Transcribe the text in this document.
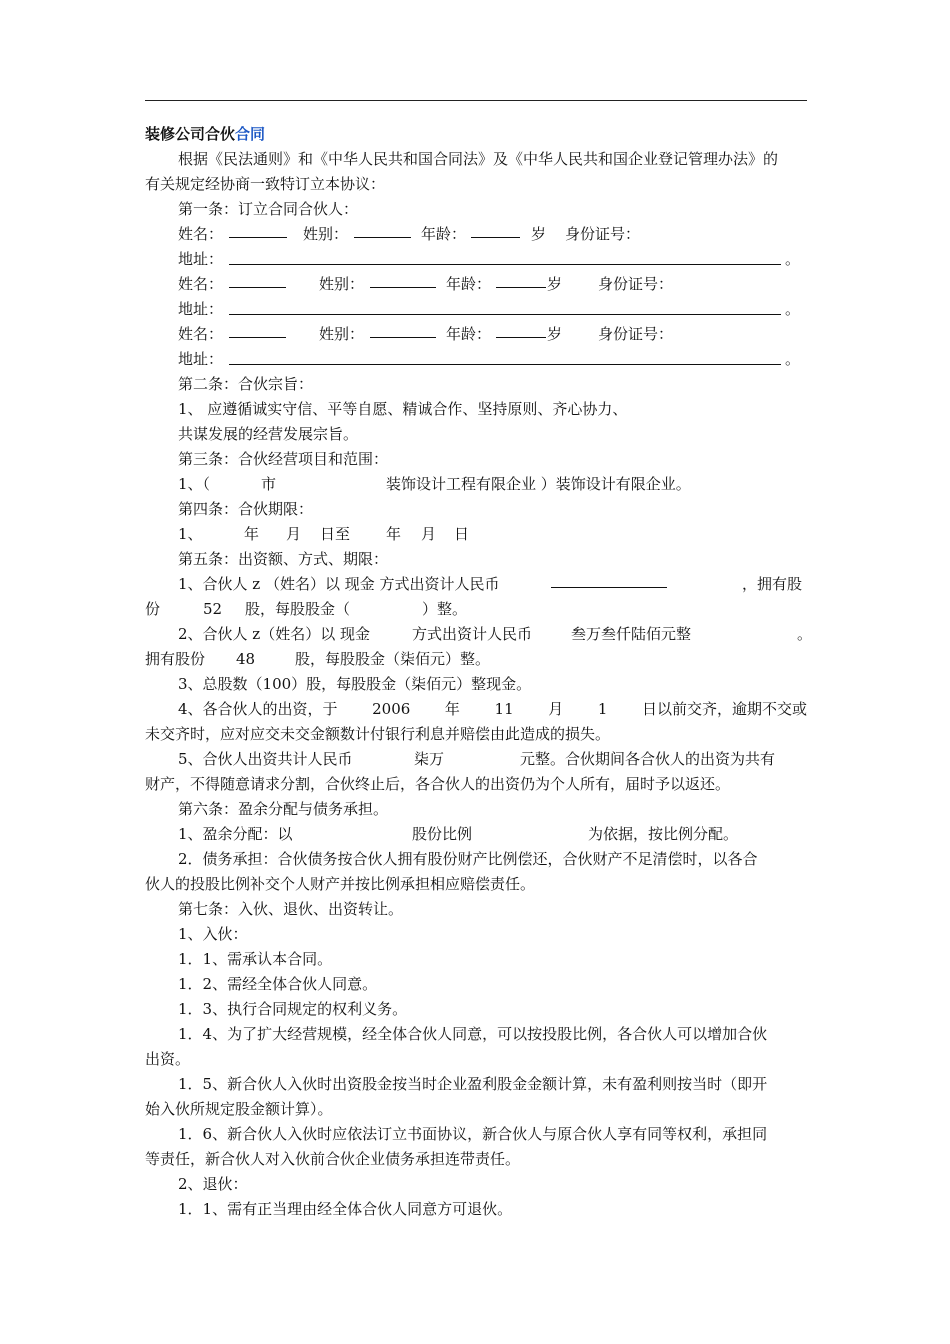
装修公司合伙合同
根据《民法通则》和《中华人民共和国合同法》及《中华人民共和国企业登记管理办法》的
有关规定经协商一致特订立本协议：
第一条：订立合同合伙人：
姓名：	姓别：	年龄：	岁 身份证号：
地址：	。
姓名：	姓别：	年龄：	岁 身份证号：
地址：	。
姓名：	姓别：	年龄：	岁 身份证号：
地址：	。
第二条：合伙宗旨：
1、 应遵循诚实守信、平等自愿、精诚合作、坚持原则、齐心协力、
共谋发展的经营发展宗旨。
第三条：合伙经营项目和范围：
1、（	市	装饰设计工程有限企业 ）装饰设计有限企业。
第四条：合伙期限：
1、	年 月 日至 年 月 日
第五条：出资额、方式、期限：
1、合伙人 z （姓名）以 现金 方式出资计人民币	，拥有股
份	52 股，每股股金（	）整。
2、合伙人 z（姓名）以 现金	方式出资计人民币	叁万叁仟陆佰元整	。
拥有股份 48	股，每股股金（柒佰元）整。
3、总股数（100）股，每股股金（柒佰元）整现金。
4、各合伙人的出资，于 2006 年 11 月 1 日以前交齐，逾期不交或
未交齐时，应对应交未交金额数计付银行利息并赔偿由此造成的损失。
5、合伙人出资共计人民币	柒万	元整。合伙期间各合伙人的出资为共有
财产，不得随意请求分割，合伙终止后，各合伙人的出资仍为个人所有，届时予以返还。
第六条：盈余分配与债务承担。
1、盈余分配：以	股份比例	为依据，按比例分配。
2．债务承担：合伙债务按合伙人拥有股份财产比例偿还，合伙财产不足清偿时，以各合
伙人的投股比例补交个人财产并按比例承担相应赔偿责任。
第七条：入伙、退伙、出资转让。
1、入伙：
1．1、需承认本合同。
1．2、需经全体合伙人同意。
1．3、执行合同规定的权利义务。
1．4、为了扩大经营规模，经全体合伙人同意，可以按投股比例，各合伙人可以增加合伙
出资。
1．5、新合伙人入伙时出资股金按当时企业盈利股金金额计算，未有盈利则按当时（即开
始入伙所规定股金额计算）。
1．6、新合伙人入伙时应依法订立书面协议，新合伙人与原合伙人享有同等权利，承担同
等责任，新合伙人对入伙前合伙企业债务承担连带责任。
2、退伙：
1．1、需有正当理由经全体合伙人同意方可退伙。
